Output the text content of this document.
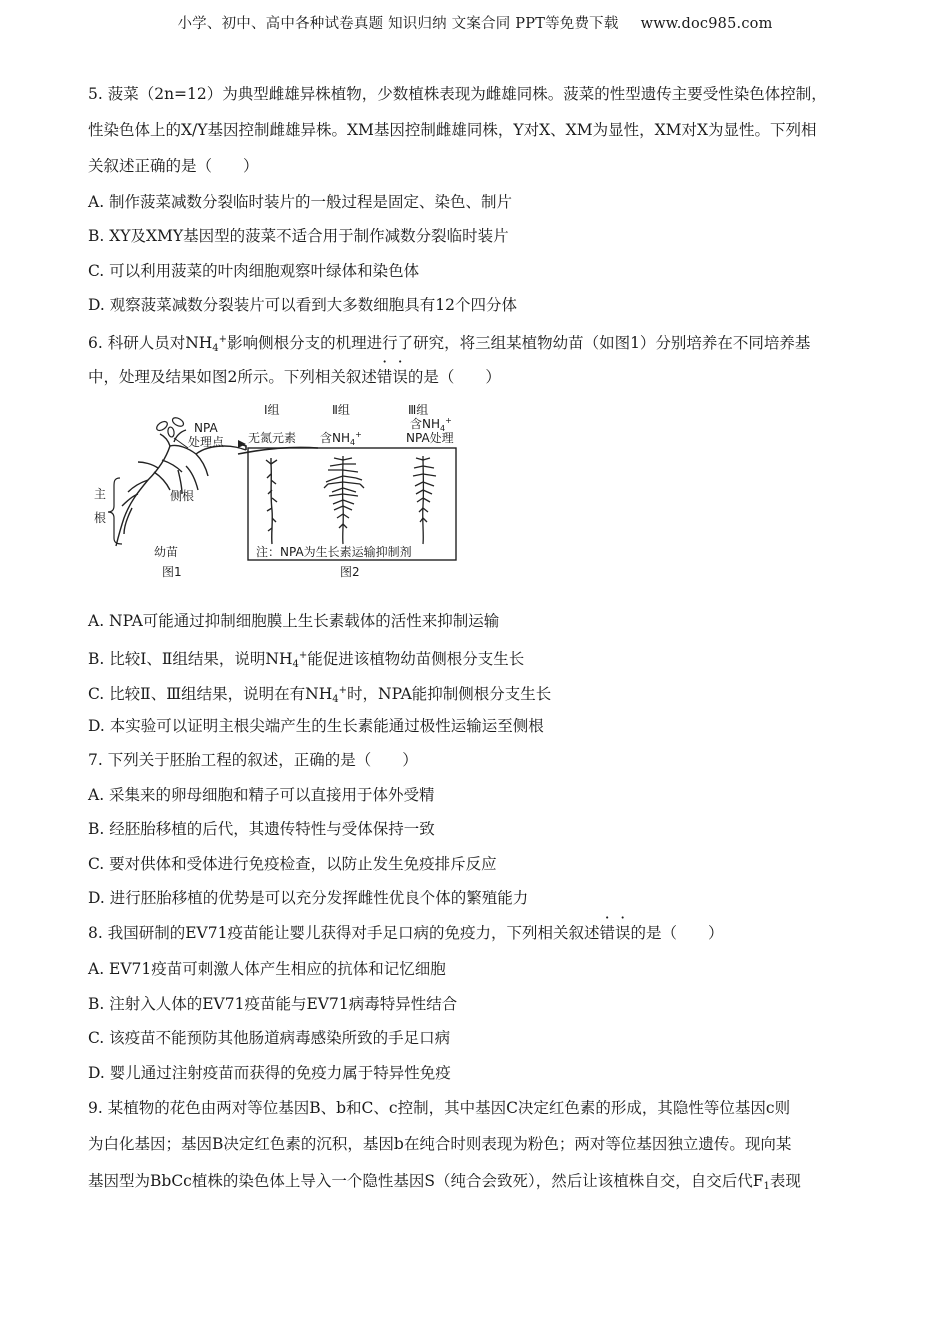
小学、初中、高中各种试卷真题 知识归纳 文案合同 PPT等免费下载 www.doc985.com
5. 菠菜（2n=12）为典型雌雄异株植物，少数植株表现为雌雄同株。菠菜的性型遗传主要受性染色体控制，
性染色体上的X/Y基因控制雌雄异株。XM基因控制雌雄同株，Y对X、XM为显性，XM对X为显性。下列相
关叙述正确的是（　　）
A. 制作菠菜减数分裂临时装片的一般过程是固定、染色、制片
B. XY及XMY基因型的菠菜不适合用于制作减数分裂临时装片
C. 可以利用菠菜的叶肉细胞观察叶绿体和染色体
D. 观察菠菜减数分裂装片可以看到大多数细胞具有12个四分体
6. 科研人员对$NH_4^+$影响侧根分支的机理进行了研究，将三组某植物幼苗（如图1）分别培养在不同培养基
中，处理及结果如图2所示。下列相关叙述错误的是（　　）
NPA
处理点
主
根
侧根
幼苗
图1
Ⅰ组	Ⅱ组	Ⅲ组
无氮元素 含$NH_4^+$
含$NH_4^+$
NPA处理
注：NPA为生长素运输抑制剂
图2
A. NPA可能通过抑制细胞膜上生长素载体的活性来抑制运输
B. 比较Ⅰ、Ⅱ组结果，说明$NH_4^+$能促进该植物幼苗侧根分支生长
C. 比较Ⅱ、Ⅲ组结果，说明在有$NH_4^+$时，NPA能抑制侧根分支生长
D. 本实验可以证明主根尖端产生的生长素能通过极性运输运至侧根
7. 下列关于胚胎工程的叙述，正确的是（　　）
A. 采集来的卵母细胞和精子可以直接用于体外受精
B. 经胚胎移植的后代，其遗传特性与受体保持一致
C. 要对供体和受体进行免疫检查，以防止发生免疫排斥反应
D. 进行胚胎移植的优势是可以充分发挥雌性优良个体的繁殖能力
8. 我国研制的EV71疫苗能让婴儿获得对手足口病的免疫力，下列相关叙述错误的是（　　）
A. EV71疫苗可刺激人体产生相应的抗体和记忆细胞
B. 注射入人体的EV71疫苗能与EV71病毒特异性结合
C. 该疫苗不能预防其他肠道病毒感染所致的手足口病
D. 婴儿通过注射疫苗而获得的免疫力属于特异性免疫
9. 某植物的花色由两对等位基因B、b和C、c控制，其中基因C决定红色素的形成，其隐性等位基因c则
为白化基因；基因B决定红色素的沉积，基因b在纯合时则表现为粉色；两对等位基因独立遗传。现向某
基因型为BbCc植株的染色体上导入一个隐性基因S（纯合会致死），然后让该植株自交，自交后代$F_1$表现
